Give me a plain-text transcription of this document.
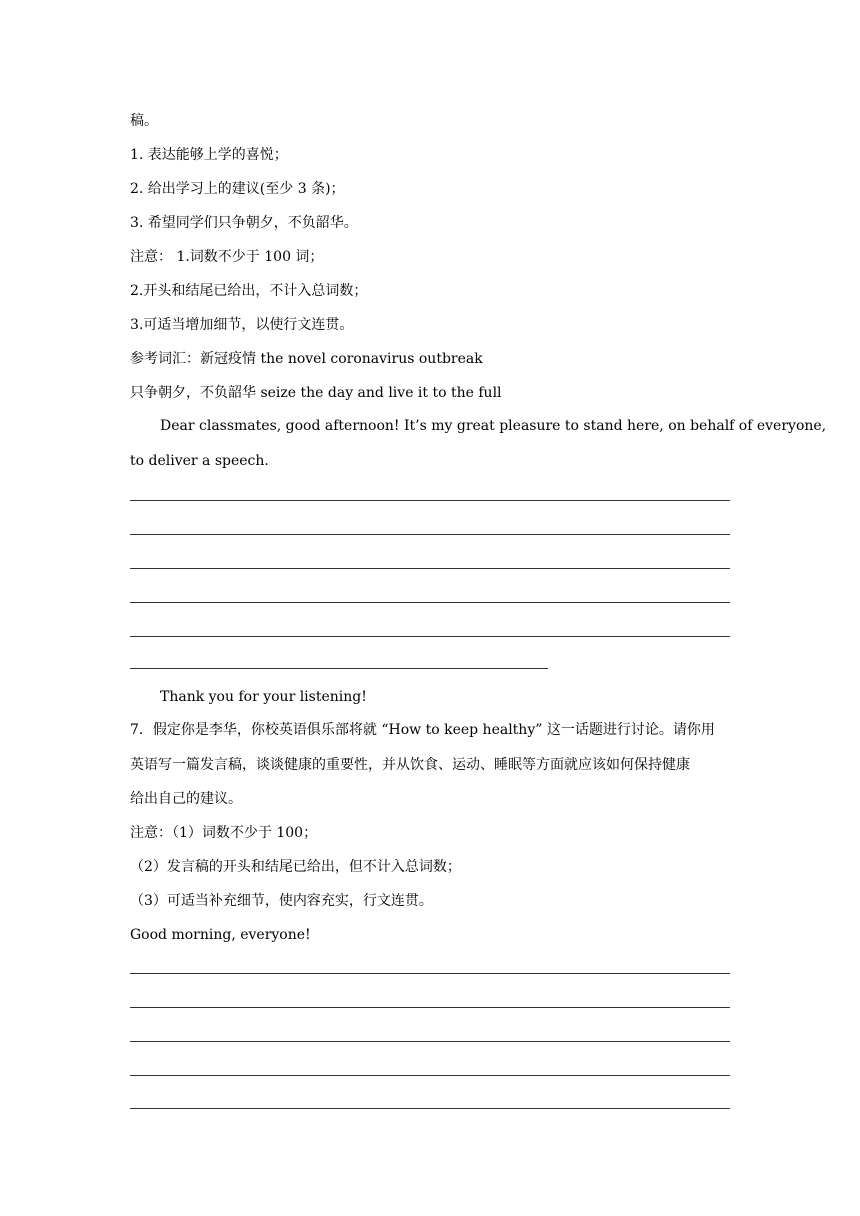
稿。
1. 表达能够上学的喜悦；
2. 给出学习上的建议(至少 3 条)；
3. 希望同学们只争朝夕，不负韶华。
注意： 1.词数不少于 100 词；
2.开头和结尾已给出，不计入总词数；
3.可适当增加细节，以使行文连贯。
参考词汇：新冠疫情 the novel coronavirus outbreak
只争朝夕，不负韶华 seize the day and live it to the full
Dear classmates, good afternoon! It’s my great pleasure to stand here, on behalf of everyone,
to deliver a speech.
Thank you for your listening!
7．假定你是李华，你校英语俱乐部将就 “How to keep healthy” 这一话题进行讨论。请你用
英语写一篇发言稿，谈谈健康的重要性，并从饮食、运动、睡眠等方面就应该如何保持健康
给出自己的建议。
注意：（1）词数不少于 100；
（2）发言稿的开头和结尾已给出，但不计入总词数；
（3）可适当补充细节，使内容充实，行文连贯。
Good morning, everyone!
